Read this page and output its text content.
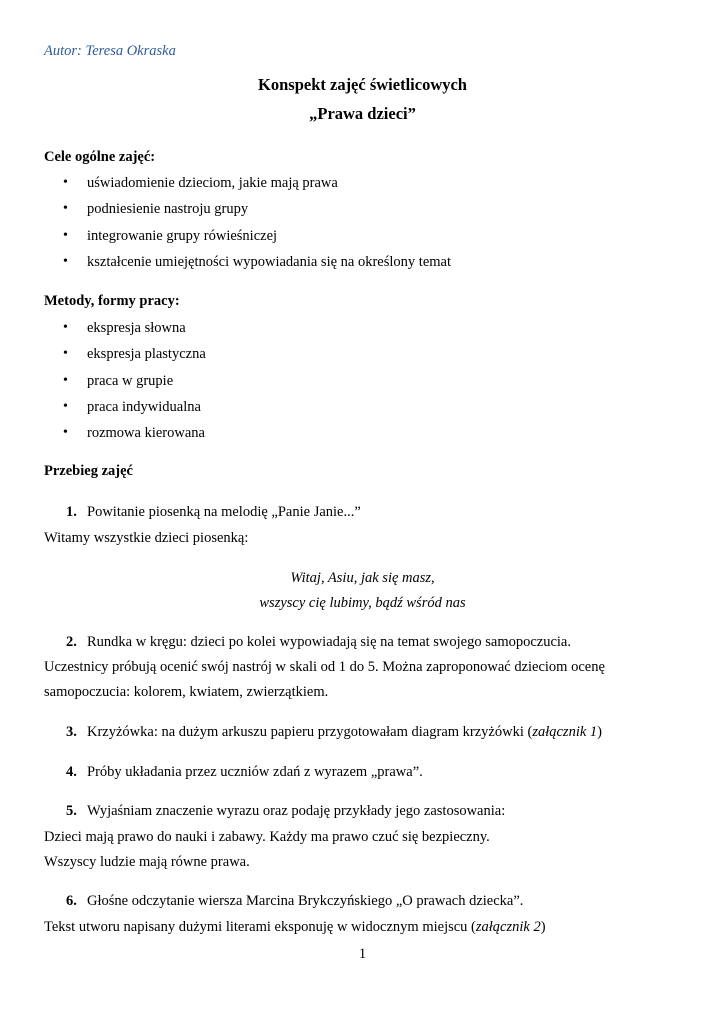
Autor: Teresa Okraska
Konspekt zajęć świetlicowych
„Prawa dzieci”
Cele ogólne zajęć:
• uświadomienie dzieciom, jakie mają prawa
• podniesienie nastroju grupy
• integrowanie grupy rówieśniczej
• kształcenie umiejętności wypowiadania się na określony temat
Metody, formy pracy:
• ekspresja słowna
• ekspresja plastyczna
• praca w grupie
• praca indywidualna
• rozmowa kierowana
Przebieg zajęć
1. Powitanie piosenką na melodię „Panie Janie...”
Witamy wszystkie dzieci piosenką:
Witaj, Asiu, jak się masz,
wszyscy cię lubimy, bądź wśród nas
2. Rundka w kręgu: dzieci po kolei wypowiadają się na temat swojego samopoczucia.
Uczestnicy próbują ocenić swój nastrój w skali od 1 do 5. Można zaproponować dzieciom ocenę
samopoczucia: kolorem, kwiatem, zwierzątkiem.
3. Krzyżówka: na dużym arkuszu papieru przygotowałam diagram krzyżówki (załącznik 1)
4. Próby układania przez uczniów zdań z wyrazem „prawa”.
5. Wyjaśniam znaczenie wyrazu oraz podaję przykłady jego zastosowania:
Dzieci mają prawo do nauki i zabawy. Każdy ma prawo czuć się bezpieczny.
Wszyscy ludzie mają równe prawa.
6. Głośne odczytanie wiersza Marcina Brykczyńskiego „O prawach dziecka”.
Tekst utworu napisany dużymi literami eksponuję w widocznym miejscu (załącznik 2)
1
